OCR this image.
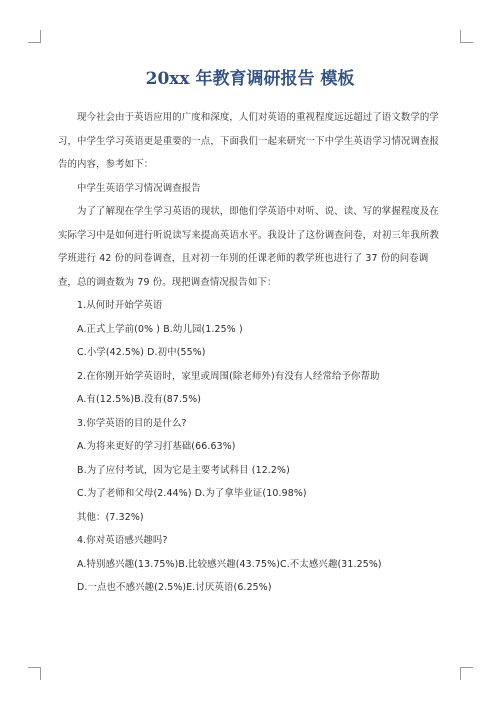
20xx 年教育调研报告 模板

现今社会由于英语应用的广度和深度，人们对英语的重视程度远远超过了语文数学的学习，中学生学习英语更是重要的一点，下面我们一起来研究一下中学生英语学习情况调查报告的内容，参考如下：

中学生英语学习情况调查报告

为了了解现在学生学习英语的现状，即他们学英语中对听、说、读、写的掌握程度及在实际学习中是如何进行听说读写来提高英语水平。我设计了这份调查问卷，对初三年我所教学班进行 42 份的问卷调查，且对初一年别的任课老师的教学班也进行了 37 份的问卷调查，总的调查数为 79 份。现把调查情况报告如下：

1.从何时开始学英语

A.正式上学前(0% ) B.幼儿园(1.25% )

C.小学(42.5%) D.初中(55%)

2.在你刚开始学英语时，家里或周围(除老师外)有没有人经常给予你帮助

A.有(12.5%)B.没有(87.5%)

3.你学英语的目的是什么?

A.为将来更好的学习打基础(66.63%)

B.为了应付考试，因为它是主要考试科目 (12.2%)

C.为了老师和父母(2.44%) D.为了拿毕业证(10.98%)

其他：(7.32%)

4.你对英语感兴趣吗?

A.特别感兴趣(13.75%)B.比较感兴趣(43.75%)C.不太感兴趣(31.25%)

D.一点也不感兴趣(2.5%)E.讨厌英语(6.25%)
